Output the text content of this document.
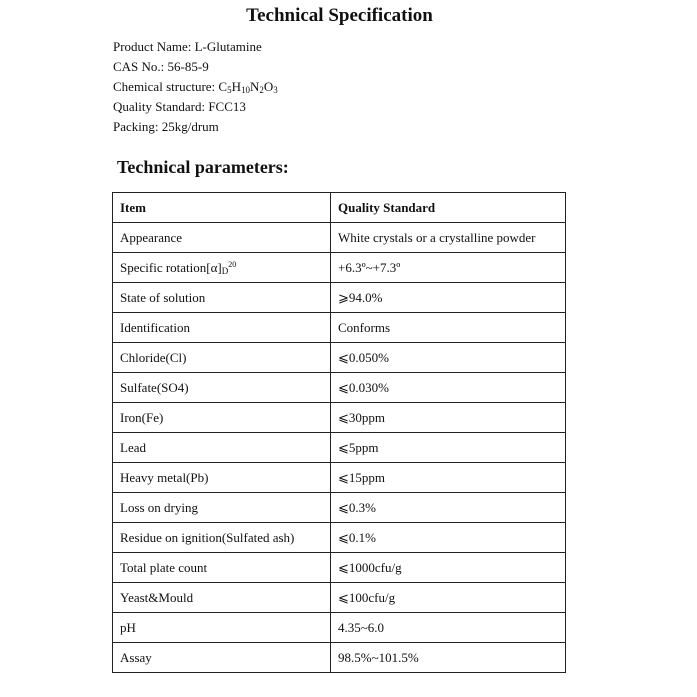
Technical Specification
Product Name: L-Glutamine
CAS No.: 56-85-9
Chemical structure: $C_5H_{10}N_2O_3$
Quality Standard: FCC13
Packing: 25kg/drum
Technical parameters:
Item	Quality Standard
Appearance	White crystals or a crystalline powder
Specific $rotation[\alpha]_D^{20}$	+6.3º~+7.3º
State of solution	⩾94.0%
Identification	Conforms
Chloride(Cl)	⩽0.050%
Sulfate(SO4)	⩽0.030%
Iron(Fe)	⩽30ppm
Lead	⩽5ppm
Heavy metal(Pb)	⩽15ppm
Loss on drying	⩽0.3%
Residue on ignition(Sulfated ash)	⩽0.1%
Total plate count	⩽1000cfu/g
Yeast&Mould	⩽100cfu/g
pH	4.35~6.0
Assay	98.5%~101.5%
